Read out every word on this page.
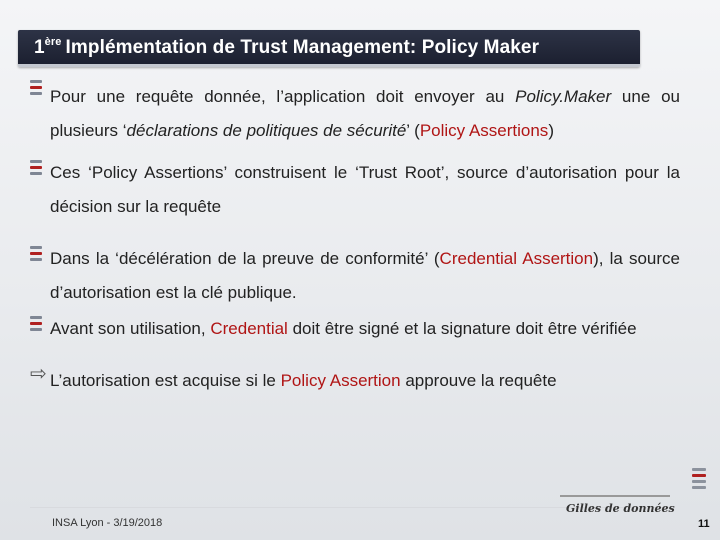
1ère Implémentation de Trust Management: Policy Maker
Pour une requête donnée, l’application doit envoyer au Policy.Maker une ou plusieurs ‘déclarations de politiques de sécurité’ (Policy Assertions)
Ces ‘Policy Assertions’ construisent le ‘Trust Root’, source d’autorisation pour la décision sur la requête
Dans la ‘décélération de la preuve de conformité’ (Credential Assertion), la source d’autorisation est la clé publique.
Avant son utilisation, Credential doit être signé et la signature doit être vérifiée
⇨ L’autorisation est acquise si le Policy Assertion approuve la requête
Gilles de données
INSA Lyon - 3/19/2018	11
